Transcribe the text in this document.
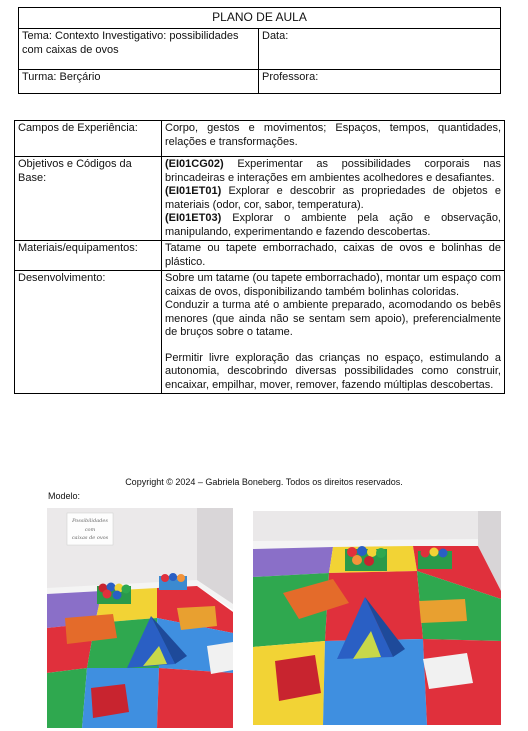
PLANO DE AULA	
Tema: Contexto Investigativo: possibilidades com caixas de ovos	Data:
Turma: Berçário	Professora:
Campos de Experiência:	Corpo, gestos e movimentos; Espaços, tempos, quantidades, relações e transformações.
Objetivos e Códigos da Base:	(EI01CG02) Experimentar as possibilidades corporais nas brincadeiras e interações em ambientes acolhedores e desafiantes.
(EI01ET01) Explorar e descobrir as propriedades de objetos e materiais (odor, cor, sabor, temperatura).
(EI01ET03) Explorar o ambiente pela ação e observação, manipulando, experimentando e fazendo descobertas.

Materiais/equipamentos:	Tatame ou tapete emborrachado, caixas de ovos e bolinhas de plástico.
Desenvolvimento:	Sobre um tatame (ou tapete emborrachado), montar um espaço com caixas de ovos, disponibilizando também bolinhas coloridas.
Conduzir a turma até o ambiente preparado, acomodando os bebês menores (que ainda não se sentam sem apoio), preferencialmente de bruços sobre o tatame.
Permitir livre exploração das crianças no espaço, estimulando a autonomia, descobrindo diversas possibilidades como construir, encaixar, empilhar, mover, remover, fazendo múltiplas descobertas.
Copyright © 2024 – Gabriela Boneberg. Todos os direitos reservados.
Modelo:
Possibilidades
com
caixas de ovos
